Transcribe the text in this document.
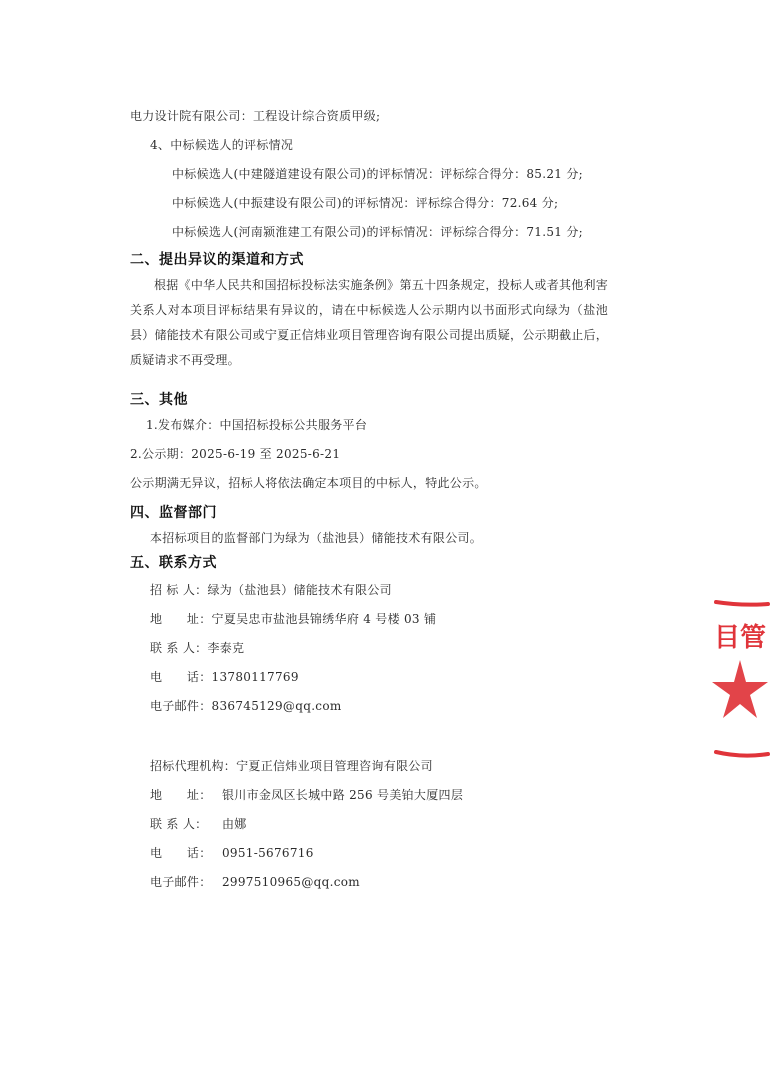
电力设计院有限公司：工程设计综合资质甲级;
4、中标候选人的评标情况
中标候选人(中建隧道建设有限公司)的评标情况：评标综合得分：85.21 分;
中标候选人(中振建设有限公司)的评标情况：评标综合得分：72.64 分;
中标候选人(河南颍淮建工有限公司)的评标情况：评标综合得分：71.51 分;
二、提出异议的渠道和方式
根据《中华人民共和国招标投标法实施条例》第五十四条规定，投标人或者其他利害关系人对本项目评标结果有异议的，请在中标候选人公示期内以书面形式向绿为（盐池县）储能技术有限公司或宁夏正信炜业项目管理咨询有限公司提出质疑，公示期截止后，质疑请求不再受理。
三、其他
1.发布媒介：中国招标投标公共服务平台
2.公示期：2025-6-19 至 2025-6-21
公示期满无异议，招标人将依法确定本项目的中标人，特此公示。
四、监督部门
本招标项目的监督部门为绿为（盐池县）储能技术有限公司。
五、联系方式
招 标 人：绿为（盐池县）储能技术有限公司
地　　址：宁夏吴忠市盐池县锦绣华府 4 号楼 03 铺
联 系 人：李泰克
电　　话：13780117769
电子邮件：836745129@qq.com
招标代理机构：宁夏正信炜业项目管理咨询有限公司
地　　址： 银川市金凤区长城中路 256 号美铂大厦四层
联 系 人： 由娜
电　　话： 0951-5676716
电子邮件： 2997510965@qq.com
目管
